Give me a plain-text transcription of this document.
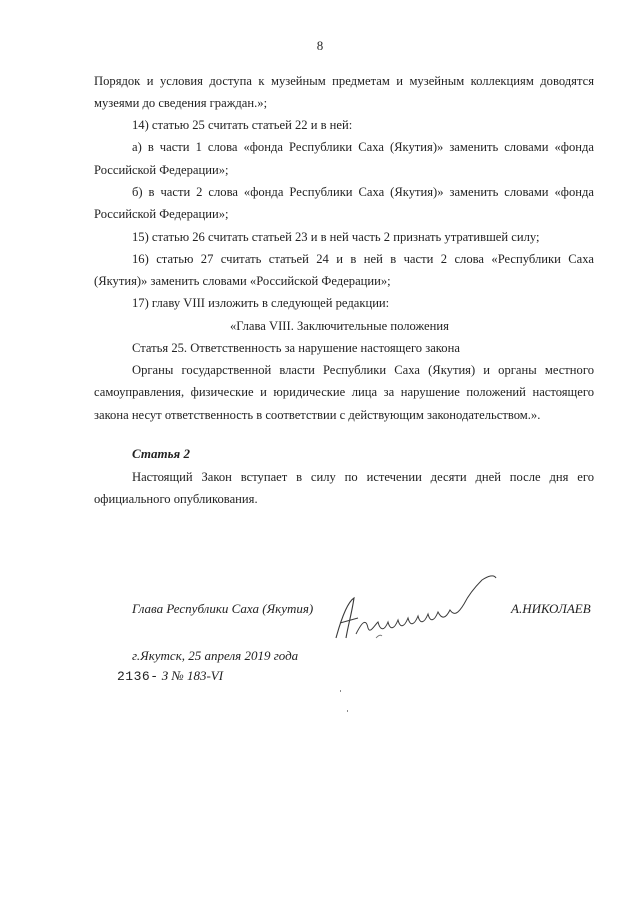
8
Порядок и условия доступа к музейным предметам и музейным коллекциям доводятся
музеями до сведения граждан.»;
14) статью 25 считать статьей 22 и в ней:
а) в части 1 слова «фонда Республики Саха (Якутия)» заменить словами «фонда
Российской Федерации»;
б) в части 2 слова «фонда Республики Саха (Якутия)» заменить словами «фонда
Российской Федерации»;
15) статью 26 считать статьей 23 и в ней часть 2 признать утратившей силу;
16) статью 27 считать статьей 24 и в ней в части 2 слова «Республики Саха
(Якутия)» заменить словами «Российской Федерации»;
17) главу VIII изложить в следующей редакции:
«Глава VIII. Заключительные положения
Статья 25. Ответственность за нарушение настоящего закона
Органы государственной власти Республики Саха (Якутия) и органы местного
самоуправления, физические и юридические лица за нарушение положений настоящего
закона несут ответственность в соответствии с действующим законодательством.».
Статья 2
Настоящий Закон вступает в силу по истечении десяти дней после дня его
официального опубликования.
Глава Республики Саха (Якутия)	А.НИКОЛАЕВ
г.Якутск, 25 апреля 2019 года
2136- З № 183-VI
